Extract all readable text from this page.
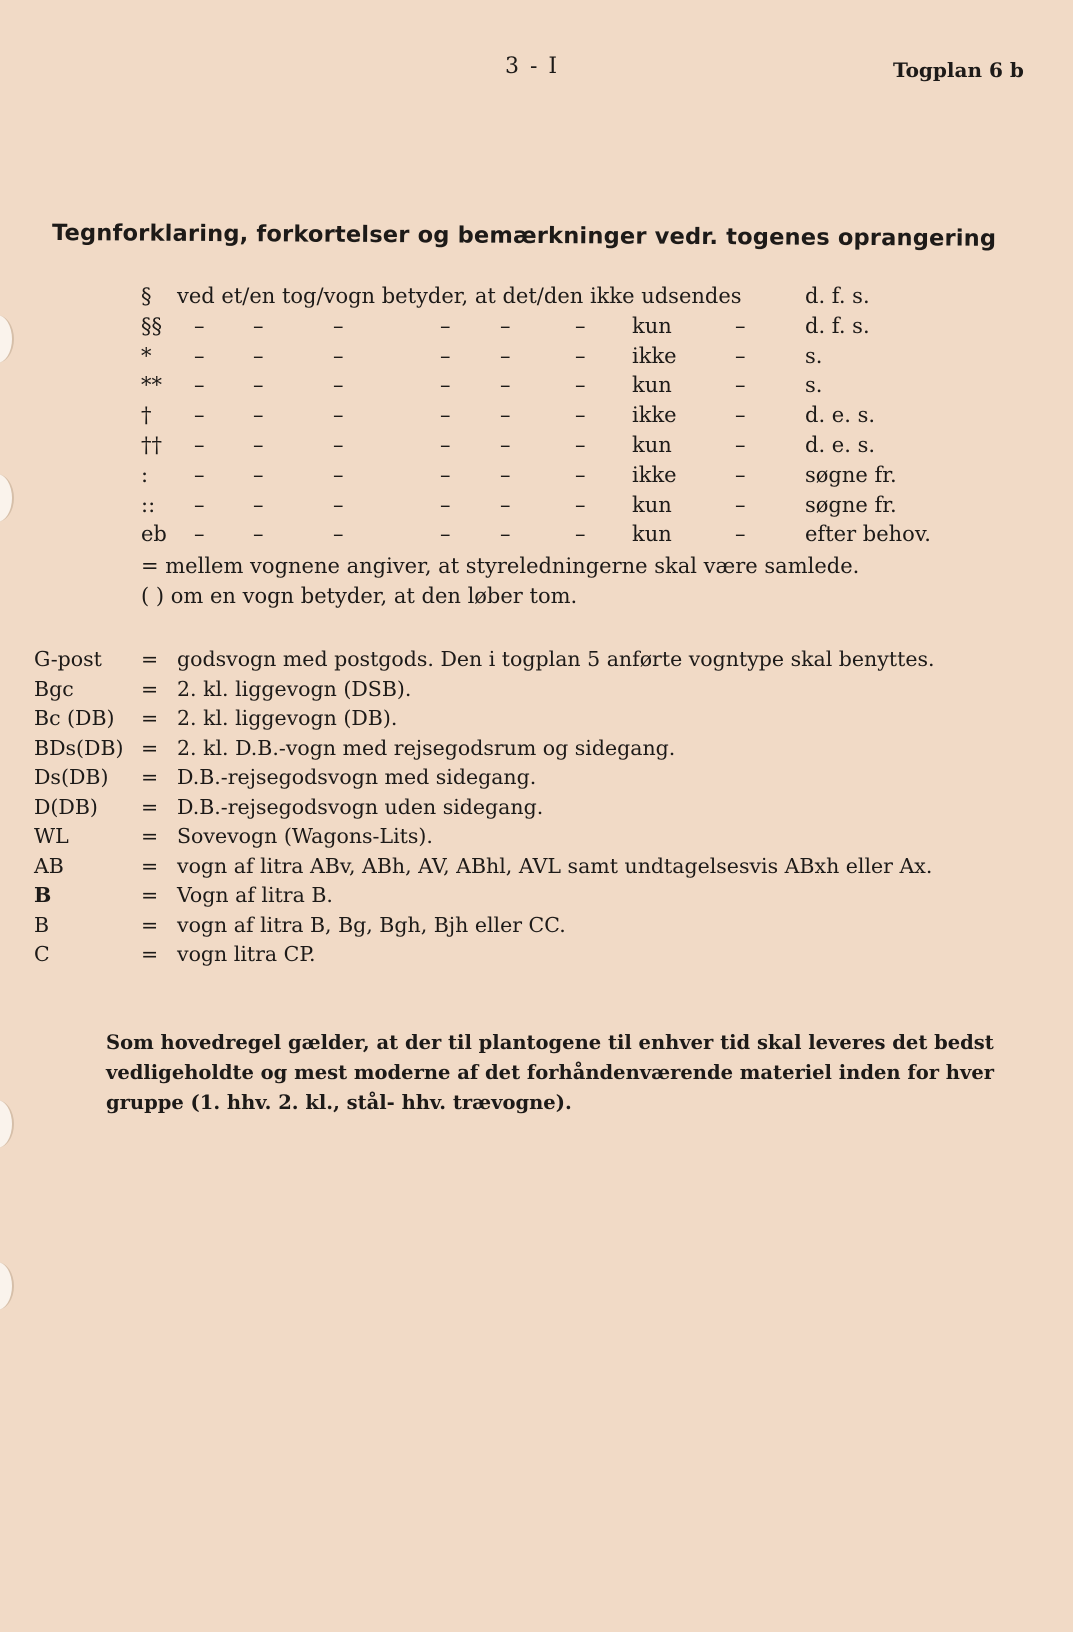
3 - I	Togplan 6 b
Tegnforklaring, forkortelser og bemærkninger vedr. togenes oprangering
§ ved et/en tog/vogn betyder, at det/den ikke udsendes	d. f. s.
§§ – –	–	– –	– kun	–	d. f. s.
* – –	–	– –	– ikke	–	s.
** – –	–	– –	– kun	–	s.
† – –	–	– –	– ikke	–	d. e. s.
†† – –	–	– –	– kun	–	d. e. s.
: – –	–	– –	– ikke	–	søgne fr.
:: – –	–	– –	– kun	–	søgne fr.
eb – –	–	– –	– kun	–	efter behov.
= mellem vognene angiver, at styreledningerne skal være samlede.
( ) om en vogn betyder, at den løber tom.
G-post = godsvogn med postgods. Den i togplan 5 anførte vogntype skal benyttes.
Bgc	= 2. kl. liggevogn (DSB).
Bc (DB) = 2. kl. liggevogn (DB).
BDs(DB) = 2. kl. D.B.-vogn med rejsegodsrum og sidegang.
Ds(DB) = D.B.-rejsegodsvogn med sidegang.
D(DB) = D.B.-rejsegodsvogn uden sidegang.
WL	= Sovevogn (Wagons-Lits).
AB	= vogn af litra ABv, ABh, AV, ABhl, AVL samt undtagelsesvis ABxh eller Ax.
B	= Vogn af litra B.
B	= vogn af litra B, Bg, Bgh, Bjh eller CC.
C	= vogn litra CP.
Som hovedregel gælder, at der til plantogene til enhver tid skal leveres det bedst vedligeholdte og mest moderne af det forhåndenværende materiel inden for hver gruppe (1. hhv. 2. kl., stål- hhv. trævogne).
